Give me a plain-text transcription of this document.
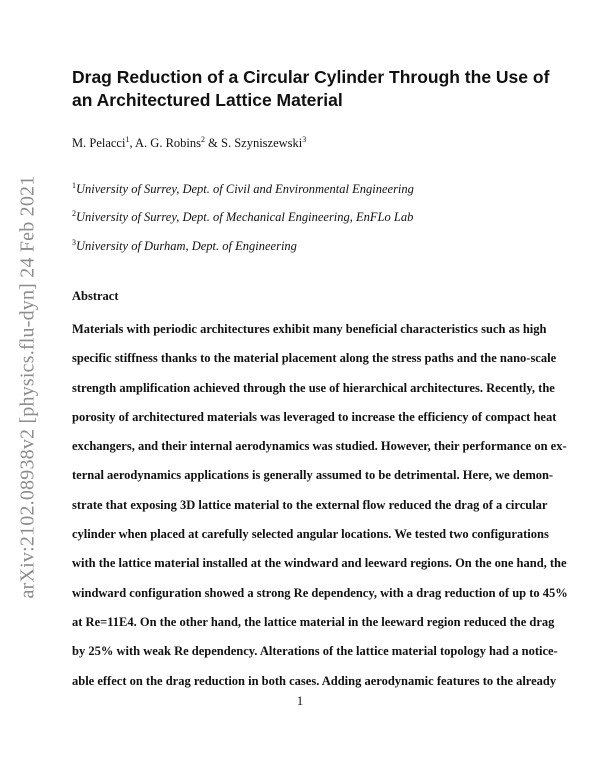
arXiv:2102.08938v2 [physics.flu-dyn] 24 Feb 2021
Drag Reduction of a Circular Cylinder Through the Use of
an Architectured Lattice Material
M. Pelacci$^1$, A. G. Robins$^2$ & S. Szyniszewski$^3$
$^1$University of Surrey, Dept. of Civil and Environmental Engineering
$^2$University of Surrey, Dept. of Mechanical Engineering, EnFLo Lab
$^3$University of Durham, Dept. of Engineering
Abstract
Materials with periodic architectures exhibit many beneficial characteristics such as high
specific stiffness thanks to the material placement along the stress paths and the nano-scale
strength amplification achieved through the use of hierarchical architectures. Recently, the
porosity of architectured materials was leveraged to increase the efficiency of compact heat
exchangers, and their internal aerodynamics was studied. However, their performance on ex-
ternal aerodynamics applications is generally assumed to be detrimental. Here, we demon-
strate that exposing 3D lattice material to the external flow reduced the drag of a circular
cylinder when placed at carefully selected angular locations. We tested two configurations
with the lattice material installed at the windward and leeward regions. On the one hand, the
windward configuration showed a strong Re dependency, with a drag reduction of up to 45%
at Re=11E4. On the other hand, the lattice material in the leeward region reduced the drag
by 25% with weak Re dependency. Alterations of the lattice material topology had a notice-
able effect on the drag reduction in both cases. Adding aerodynamic features to the already
1
